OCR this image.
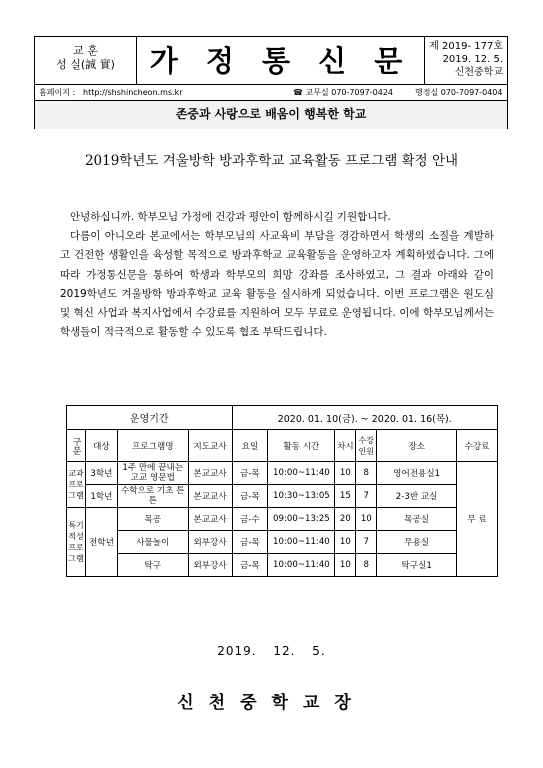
교 훈
성 실(誠 實)	가 정 통 신 문	제 2019- 177호
2019. 12. 5.
신천중학교
홈페이지 : http://shshincheon.ms.kr	☎ 교무실 070-7097-0424	행정실 070-7097-0404
존중과 사랑으로 배움이 행복한 학교
2019학년도 겨울방학 방과후학교 교육활동 프로그램 확정 안내

안녕하십니까. 학부모님 가정에 건강과 평안이 함께하시길 기원합니다.

다름이 아니오라 본교에서는 학부모님의 사교육비 부담을 경감하면서 학생의 소질을 계발하고 건전한 생활인을 육성할 목적으로 방과후학교 교육활동을 운영하고자 계획하였습니다. 그에 따라 가정통신문을 통하여 학생과 학부모의 희망 강좌를 조사하였고, 그 결과 아래와 같이 2019학년도 겨울방학 방과후학교 교육 활동을 실시하게 되었습니다. 이번 프로그램은 원도심 및 혁신 사업과 복지사업에서 수강료를 지원하여 모두 무료로 운영됩니다. 이에 학부모님께서는 학생들이 적극적으로 활동할 수 있도록 협조 부탁드립니다.

운영기간				2020. 01. 10(금). ~ 2020. 01. 16(목).					
구분	대상	프로그램명	지도교사	요일	활동 시간	차시	수강인원	장소	수강료
교과프로그램	3학년	1주 만에 끝내는 고교 영문법	본교교사	금-목	10:00~11:40	10	8	영어전용실1	무 료
	1학년	수학으로 기초 튼튼	본교교사	금-목	10:30~13:05	15	7	2-3반 교실	
특기적성프로그램	전학년	목공	본교교사	금-수	09:00~13:25	20	10	목공실	
		사물놀이	외부강사	금-목	10:00~11:40	10	7	무용실	
		탁구	외부강사	금-목	10:00~11:40	10	8	탁구실1	
2019. 12. 5.
신천중학교장
